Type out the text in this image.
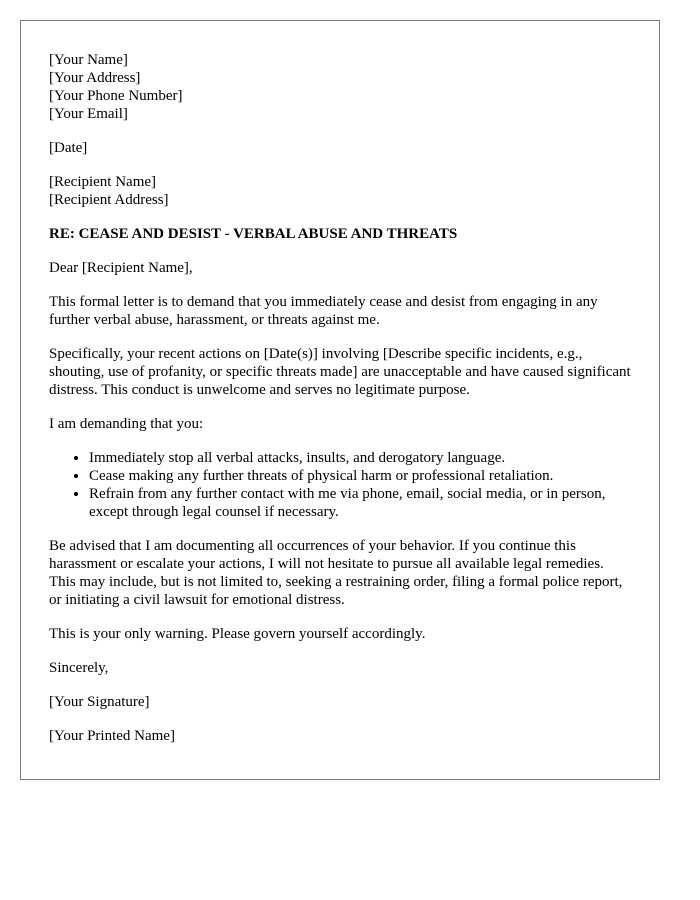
[Your Name]
[Your Address]
[Your Phone Number]
[Your Email]

[Date]

[Recipient Name]
[Recipient Address]

RE: CEASE AND DESIST - VERBAL ABUSE AND THREATS

Dear [Recipient Name],

This formal letter is to demand that you immediately cease and desist from engaging in any further verbal abuse, harassment, or threats against me.

Specifically, your recent actions on [Date(s)] involving [Describe specific incidents, e.g., shouting, use of profanity, or specific threats made] are unacceptable and have caused significant distress. This conduct is unwelcome and serves no legitimate purpose.

I am demanding that you:

• Immediately stop all verbal attacks, insults, and derogatory language.
• Cease making any further threats of physical harm or professional retaliation.
• Refrain from any further contact with me via phone, email, social media, or in person, except through legal counsel if necessary.

Be advised that I am documenting all occurrences of your behavior. If you continue this harassment or escalate your actions, I will not hesitate to pursue all available legal remedies. This may include, but is not limited to, seeking a restraining order, filing a formal police report, or initiating a civil lawsuit for emotional distress.

This is your only warning. Please govern yourself accordingly.

Sincerely,

[Your Signature]

[Your Printed Name]
